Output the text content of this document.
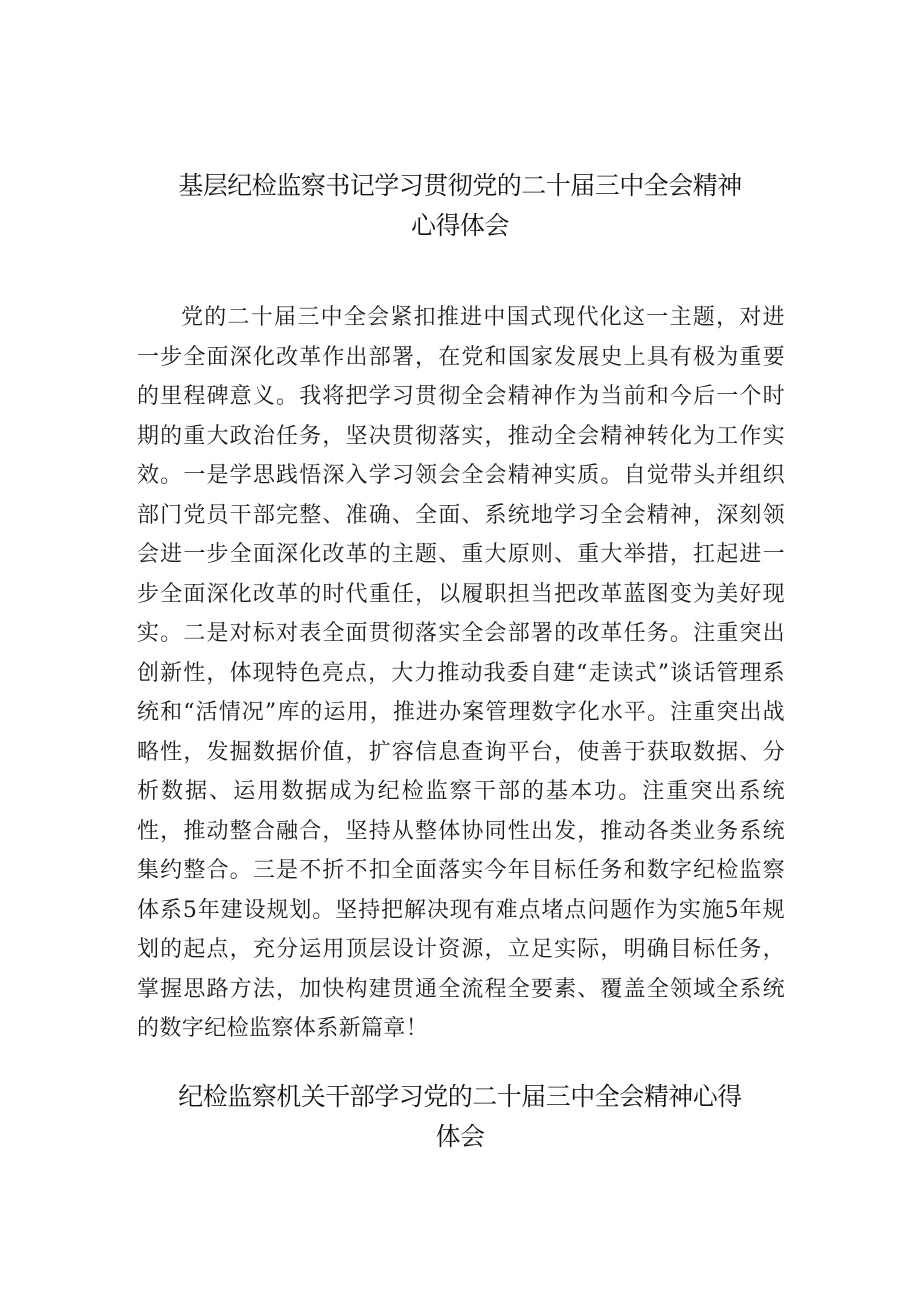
基层纪检监察书记学习贯彻党的二十届三中全会精神
心得体会

党的二十届三中全会紧扣推进中国式现代化这一主题，对进一步全面深化改革作出部署，在党和国家发展史上具有极为重要的里程碑意义。我将把学习贯彻全会精神作为当前和今后一个时期的重大政治任务，坚决贯彻落实，推动全会精神转化为工作实效。一是学思践悟深入学习领会全会精神实质。自觉带头并组织部门党员干部完整、准确、全面、系统地学习全会精神，深刻领会进一步全面深化改革的主题、重大原则、重大举措，扛起进一步全面深化改革的时代重任，以履职担当把改革蓝图变为美好现实。二是对标对表全面贯彻落实全会部署的改革任务。注重突出创新性，体现特色亮点，大力推动我委自建“走读式”谈话管理系统和“活情况”库的运用，推进办案管理数字化水平。注重突出战略性，发掘数据价值，扩容信息查询平台，使善于获取数据、分析数据、运用数据成为纪检监察干部的基本功。注重突出系统性，推动整合融合，坚持从整体协同性出发，推动各类业务系统集约整合。三是不折不扣全面落实今年目标任务和数字纪检监察体系5年建设规划。坚持把解决现有难点堵点问题作为实施5年规划的起点，充分运用顶层设计资源，立足实际，明确目标任务，掌握思路方法，加快构建贯通全流程全要素、覆盖全领域全系统的数字纪检监察体系新篇章！

纪检监察机关干部学习党的二十届三中全会精神心得
体会
